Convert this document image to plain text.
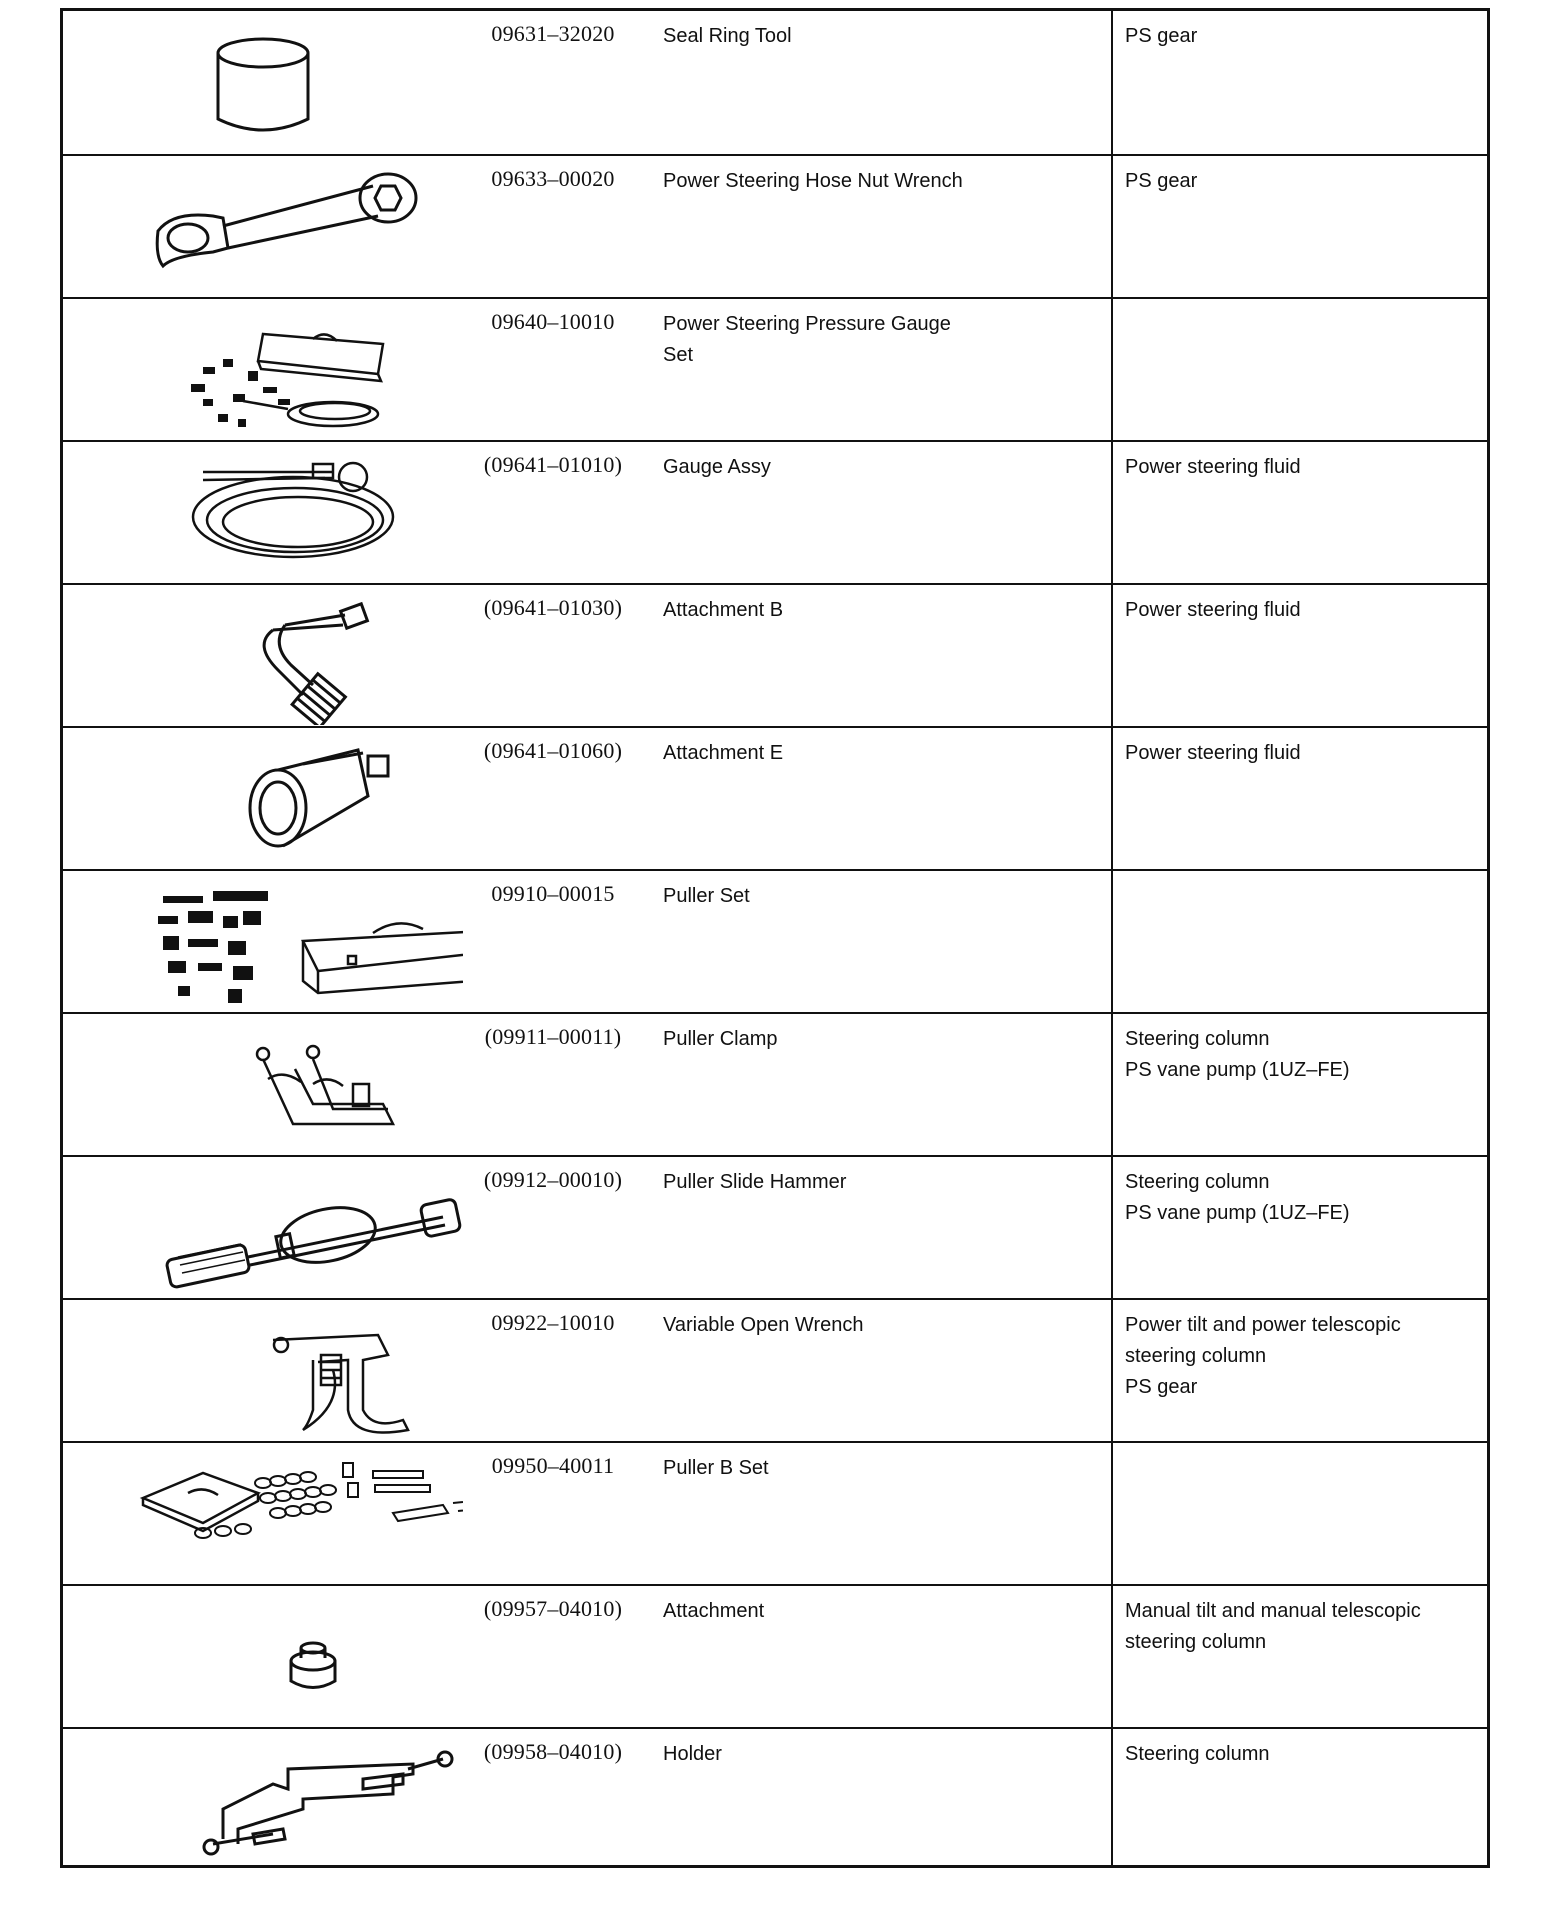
09631–32020	Seal Ring Tool	PS gear
09633–00020	Power Steering Hose Nut Wrench	PS gear
09640–10010	Power Steering Pressure Gauge
Set
(09641–01010)	Gauge Assy	Power steering fluid
(09641–01030)	Attachment B	Power steering fluid
(09641–01060)	Attachment E	Power steering fluid
09910–00015	Puller Set
(09911–00011)	Puller Clamp	Steering column
PS vane pump (1UZ–FE)
(09912–00010)	Puller Slide Hammer	Steering column
PS vane pump (1UZ–FE)
09922–10010	Variable Open Wrench	Power tilt and power telescopic
steering column
PS gear
09950–40011	Puller B Set
(09957–04010)	Attachment	Manual tilt and manual telescopic
steering column
(09958–04010)	Holder	Steering column
